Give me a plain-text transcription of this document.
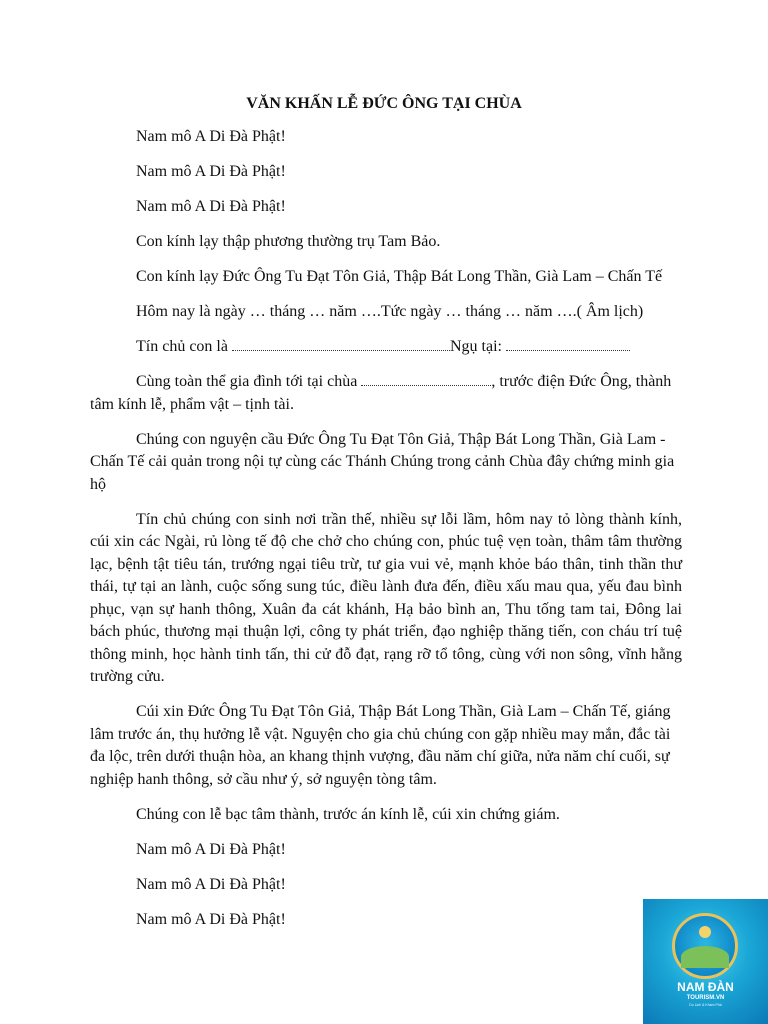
VĂN KHẤN LỄ ĐỨC ÔNG TẠI CHÙA

Nam mô A Di Đà Phật!

Nam mô A Di Đà Phật!

Nam mô A Di Đà Phật!

Con kính lạy thập phương thường trụ Tam Bảo.

Con kính lạy Đức Ông Tu Đạt Tôn Giả, Thập Bát Long Thần, Già Lam – Chấn Tế

Hôm nay là ngày … tháng … năm ….Tức ngày … tháng … năm ….( Âm lịch)

Tín chủ con là	Ngụ tại:

Cùng toàn thể gia đình tới tại chùa	, trước điện Đức Ông, thành tâm kính lễ, phẩm vật – tịnh tài.

Chúng con nguyện cầu Đức Ông Tu Đạt Tôn Giả, Thập Bát Long Thần, Già Lam - Chấn Tế cải quản trong nội tự cùng các Thánh Chúng trong cảnh Chùa đây chứng minh gia hộ

Tín chủ chúng con sinh nơi trần thế, nhiều sự lỗi lầm, hôm nay tỏ lòng thành kính, cúi xin các Ngài, rủ lòng tế độ che chở cho chúng con, phúc tuệ vẹn toàn, thâm tâm thường lạc, bệnh tật tiêu tán, trướng ngại tiêu trừ, tư gia vui vẻ, mạnh khỏe báo thân, tinh thần thư thái, tự tại an lành, cuộc sống sung túc, điều lành đưa đến, điều xấu mau qua, yếu đau bình phục, vạn sự hanh thông, Xuân đa cát khánh, Hạ bảo bình an, Thu tống tam tai, Đông lai bách phúc, thương mại thuận lợi, công ty phát triển, đạo nghiệp thăng tiến, con cháu trí tuệ thông minh, học hành tinh tấn, thi cử đỗ đạt, rạng rỡ tổ tông, cùng với non sông, vĩnh hằng trường cửu.

Cúi xin Đức Ông Tu Đạt Tôn Giả, Thập Bát Long Thần, Già Lam – Chấn Tế, giáng lâm trước án, thụ hưởng lễ vật. Nguyện cho gia chủ chúng con gặp nhiều may mắn, đắc tài đa lộc, trên dưới thuận hòa, an khang thịnh vượng, đầu năm chí giữa, nửa năm chí cuối, sự nghiệp hanh thông, sở cầu như ý, sở nguyện tòng tâm.

Chúng con lễ bạc tâm thành, trước án kính lễ, cúi xin chứng giám.

Nam mô A Di Đà Phật!

Nam mô A Di Đà Phật!

Nam mô A Di Đà Phật!

NAM ĐÀN
TOURISM.VN
Du Lịch & Khám Phá
